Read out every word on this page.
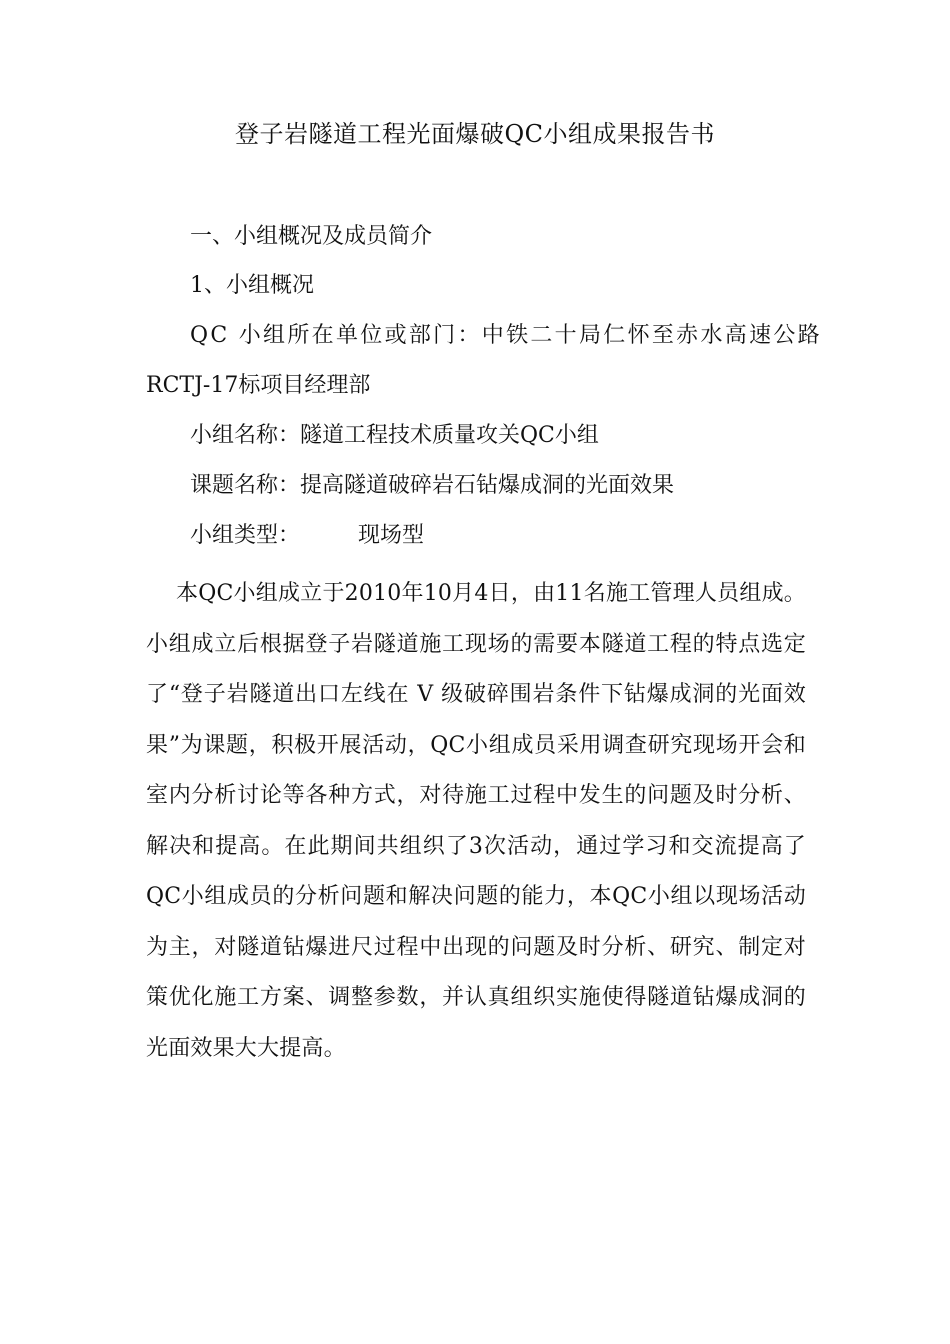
登子岩隧道工程光面爆破QC小组成果报告书
一、小组概况及成员简介
1、小组概况
QC 小组所在单位或部门：中铁二十局仁怀至赤水高速公路
RCTJ-17标项目经理部
小组名称：隧道工程技术质量攻关QC小组
课题名称：提高隧道破碎岩石钻爆成洞的光面效果
小组类型：	现场型
本QC小组成立于2010年10月4日，由11名施工管理人员组成。小组成立后根据登子岩隧道施工现场的需要本隧道工程的特点选定了“登子岩隧道出口左线在 V 级破碎围岩条件下钻爆成洞的光面效果”为课题，积极开展活动，QC小组成员采用调查研究现场开会和室内分析讨论等各种方式，对待施工过程中发生的问题及时分析、解决和提高。在此期间共组织了3次活动，通过学习和交流提高了QC小组成员的分析问题和解决问题的能力，本QC小组以现场活动为主，对隧道钻爆进尺过程中出现的问题及时分析、研究、制定对策优化施工方案、调整参数，并认真组织实施使得隧道钻爆成洞的光面效果大大提高。
